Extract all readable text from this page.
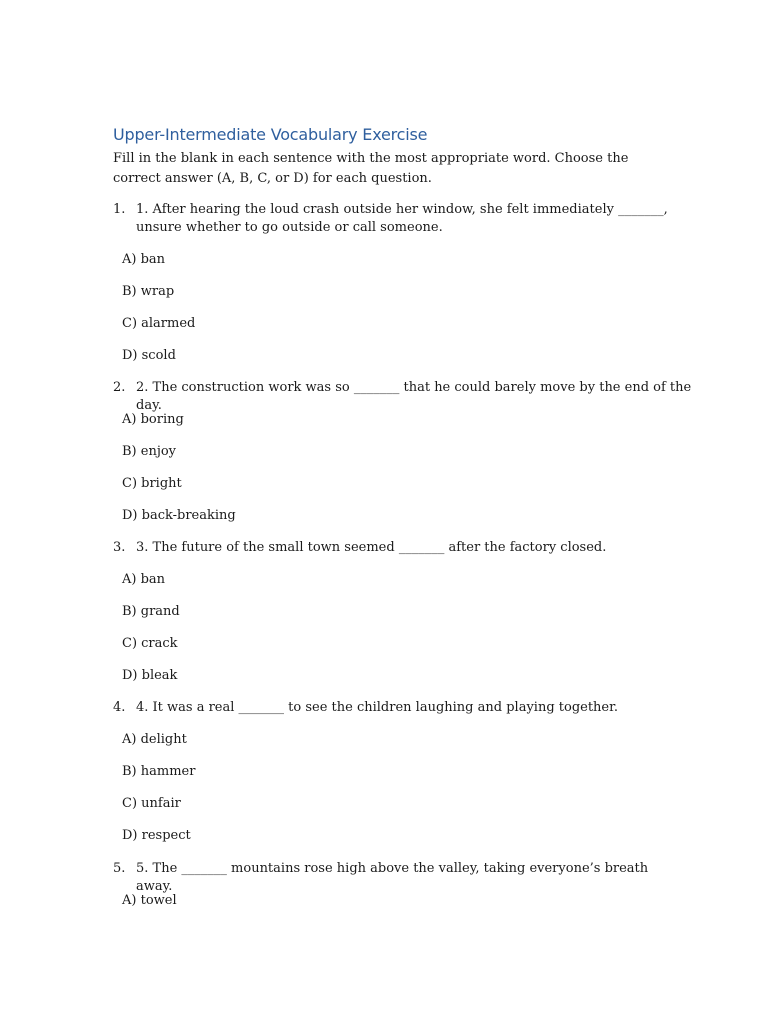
Upper-Intermediate Vocabulary Exercise
Fill in the blank in each sentence with the most appropriate word. Choose the correct answer (A, B, C, or D) for each question.
1. 1. After hearing the loud crash outside her window, she felt immediately _______, unsure whether to go outside or call someone.
A) ban
B) wrap
C) alarmed
D) scold
2. 2. The construction work was so _______ that he could barely move by the end of the day.
A) boring
B) enjoy
C) bright
D) back-breaking
3. 3. The future of the small town seemed _______ after the factory closed.
A) ban
B) grand
C) crack
D) bleak
4. 4. It was a real _______ to see the children laughing and playing together.
A) delight
B) hammer
C) unfair
D) respect
5. 5. The _______ mountains rose high above the valley, taking everyone’s breath away.
A) towel
